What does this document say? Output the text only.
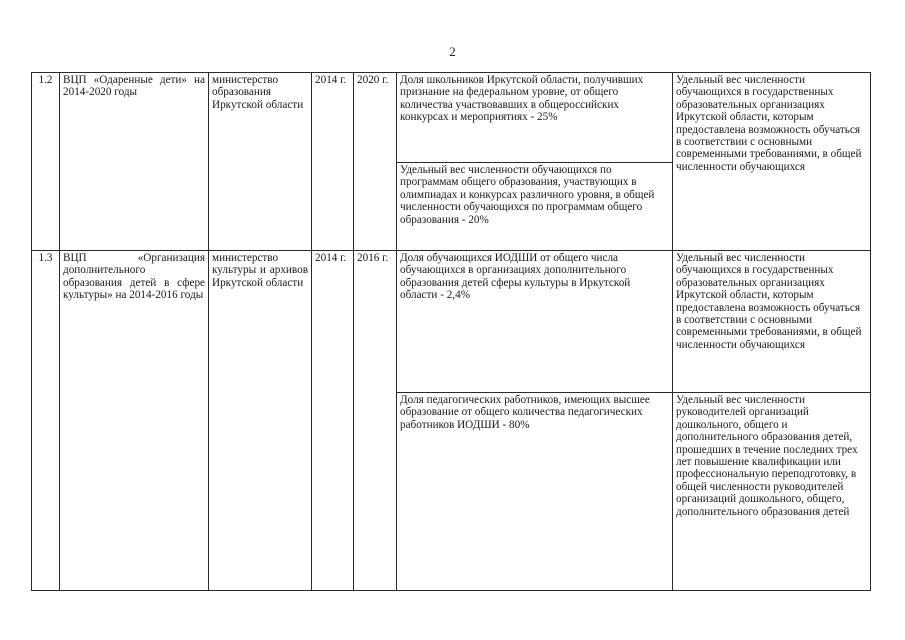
2
1.2	ВЦП «Одаренные дети» на 2014-2020 годы	министерство образования Иркутской области	2014 г.	2020 г.	Доля школьников Иркутской области, получивших признание на федеральном уровне, от общего количества участвовавших в общероссийских конкурсах и мероприятиях - 25%	Удельный вес численности обучающихся в государственных образовательных организациях Иркутской области, которым предоставлена возможность обучаться в соответствии с основными современными требованиями, в общей численности обучающихся
					Удельный вес численности обучающихся по программам общего образования, участвующих в олимпиадах и конкурсах различного уровня, в общей численности обучающихся по программам общего образования - 20%	
1.3	ВЦП «Организация дополнительного образования детей в сфере культуры» на 2014-2016 годы	министерство культуры и архивов Иркутской области	2014 г.	2016 г.	Доля обучающихся ИОДШИ от общего числа обучающихся в организациях дополнительного образования детей сферы культуры в Иркутской области - 2,4%	Удельный вес численности обучающихся в государственных образовательных организациях Иркутской области, которым предоставлена возможность обучаться в соответствии с основными современными требованиями, в общей численности обучающихся
					Доля педагогических работников, имеющих высшее образование от общего количества педагогических работников ИОДШИ - 80%	Удельный вес численности руководителей организаций дошкольного, общего и дополнительного образования детей, прошедших в течение последних трех лет повышение квалификации или профессиональную переподготовку, в общей численности руководителей организаций дошкольного, общего, дополнительного образования детей
